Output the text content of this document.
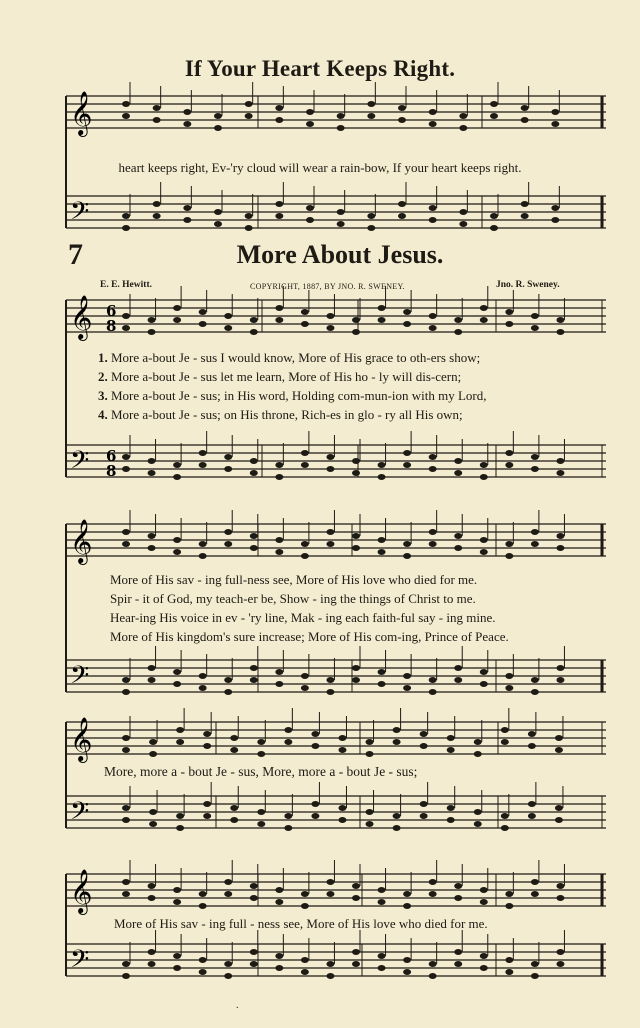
𝄞
𝄢
𝄞
𝄢
𝄞
𝄢
𝄞
𝄢
𝄞
𝄢
6
8
6
8
If Your Heart Keeps Right.
heart keeps right, Ev-'ry cloud will wear a rain-bow, If your heart keeps right.
7	More About Jesus.
E. E. Hewitt.	COPYRIGHT, 1887, BY JNO. R. SWENEY.	Jno. R. Sweney.
1. More a-bout Je - sus I would know, More of His grace to oth-ers show;
2. More a-bout Je - sus let me learn, More of His ho - ly will dis-cern;
3. More a-bout Je - sus; in His word, Holding com-mun-ion with my Lord,
4. More a-bout Je - sus; on His throne, Rich-es in glo - ry all His own;
More of His sav - ing full-ness see, More of His love who died for me.
Spir - it of God, my teach-er be, Show - ing the things of Christ to me.
Hear-ing His voice in ev - 'ry line, Mak - ing each faith-ful say - ing mine.
More of His kingdom's sure increase; More of His com-ing, Prince of Peace.
More, more a - bout Je - sus, More, more a - bout Je - sus;
More of His sav - ing full - ness see, More of His love who died for me.
.
